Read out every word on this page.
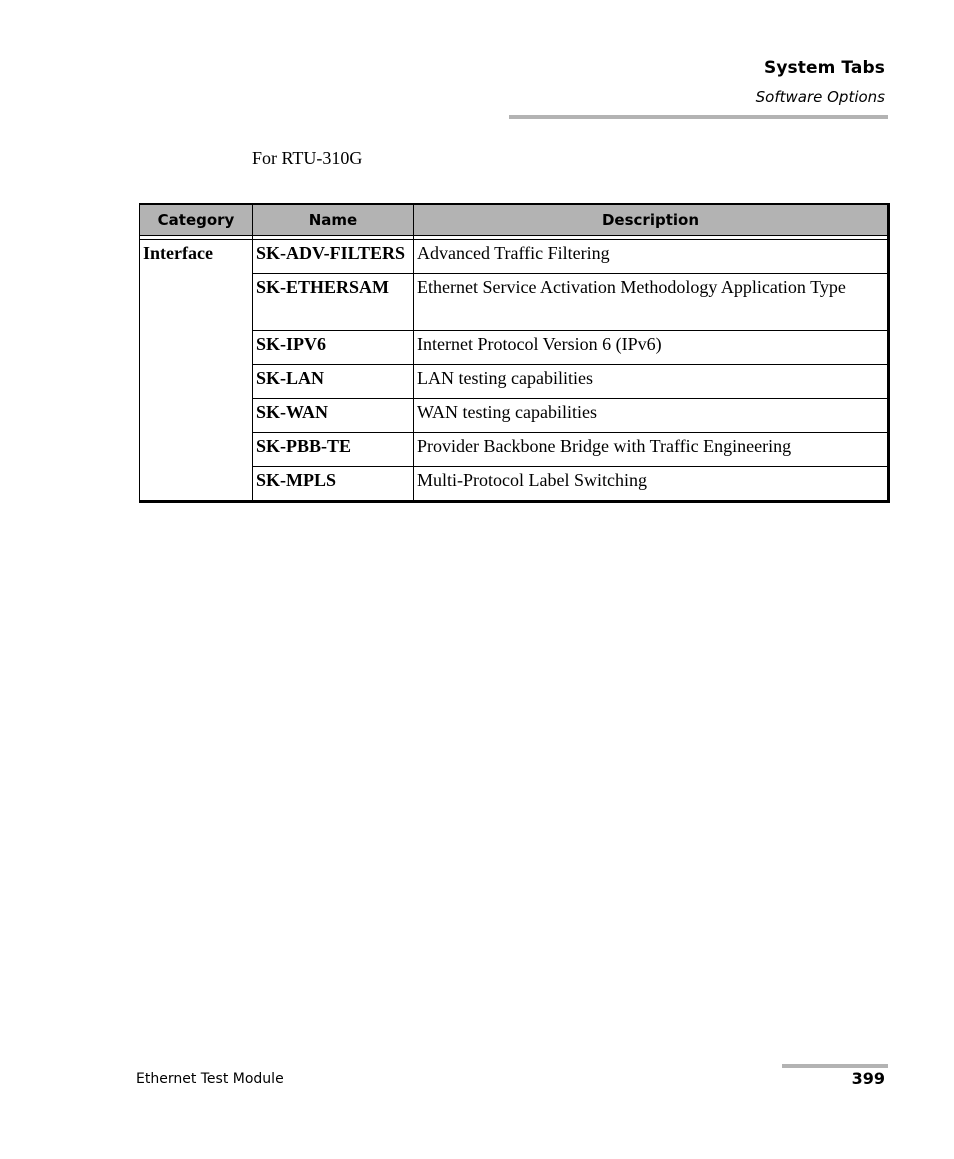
System Tabs
Software Options
For RTU-310G
Category	Name	Description

Interface	SK-ADV-FILTERS	Advanced Traffic Filtering
	SK-ETHERSAM	Ethernet Service Activation Methodology Application Type
	SK-IPV6	Internet Protocol Version 6 (IPv6)
	SK-LAN	LAN testing capabilities
	SK-WAN	WAN testing capabilities
	SK-PBB-TE	Provider Backbone Bridge with Traffic Engineering
	SK-MPLS	Multi-Protocol Label Switching
Ethernet Test Module	399
